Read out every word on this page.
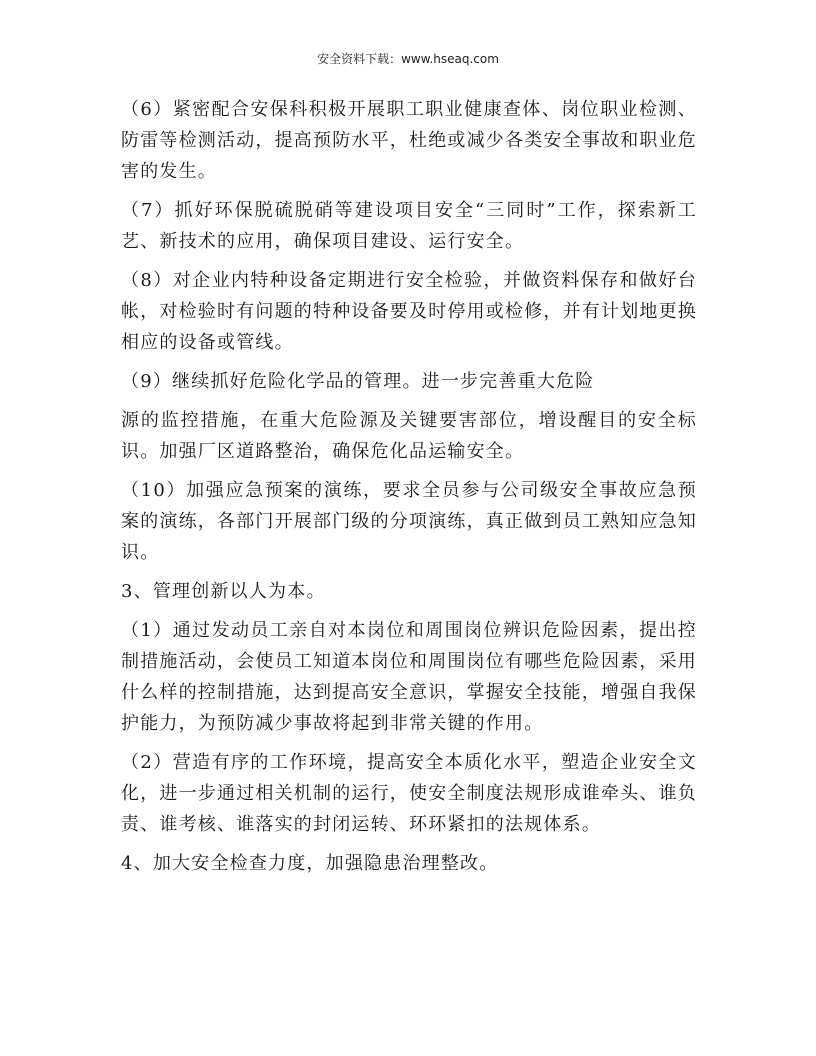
安全资料下载：www.hseaq.com

（6）紧密配合安保科积极开展职工职业健康查体、岗位职业检测、防雷等检测活动，提高预防水平，杜绝或减少各类安全事故和职业危害的发生。

（7）抓好环保脱硫脱硝等建设项目安全“三同时”工作，探索新工艺、新技术的应用，确保项目建设、运行安全。

（8）对企业内特种设备定期进行安全检验，并做资料保存和做好台帐，对检验时有问题的特种设备要及时停用或检修，并有计划地更换相应的设备或管线。

（9）继续抓好危险化学品的管理。进一步完善重大危险

源的监控措施，在重大危险源及关键要害部位，增设醒目的安全标识。加强厂区道路整治，确保危化品运输安全。

（10）加强应急预案的演练，要求全员参与公司级安全事故应急预案的演练，各部门开展部门级的分项演练，真正做到员工熟知应急知识。

3、管理创新以人为本。

（1）通过发动员工亲自对本岗位和周围岗位辨识危险因素，提出控制措施活动，会使员工知道本岗位和周围岗位有哪些危险因素，采用什么样的控制措施，达到提高安全意识，掌握安全技能，增强自我保护能力，为预防减少事故将起到非常关键的作用。

（2）营造有序的工作环境，提高安全本质化水平，塑造企业安全文化，进一步通过相关机制的运行，使安全制度法规形成谁牵头、谁负责、谁考核、谁落实的封闭运转、环环紧扣的法规体系。

4、加大安全检查力度，加强隐患治理整改。
